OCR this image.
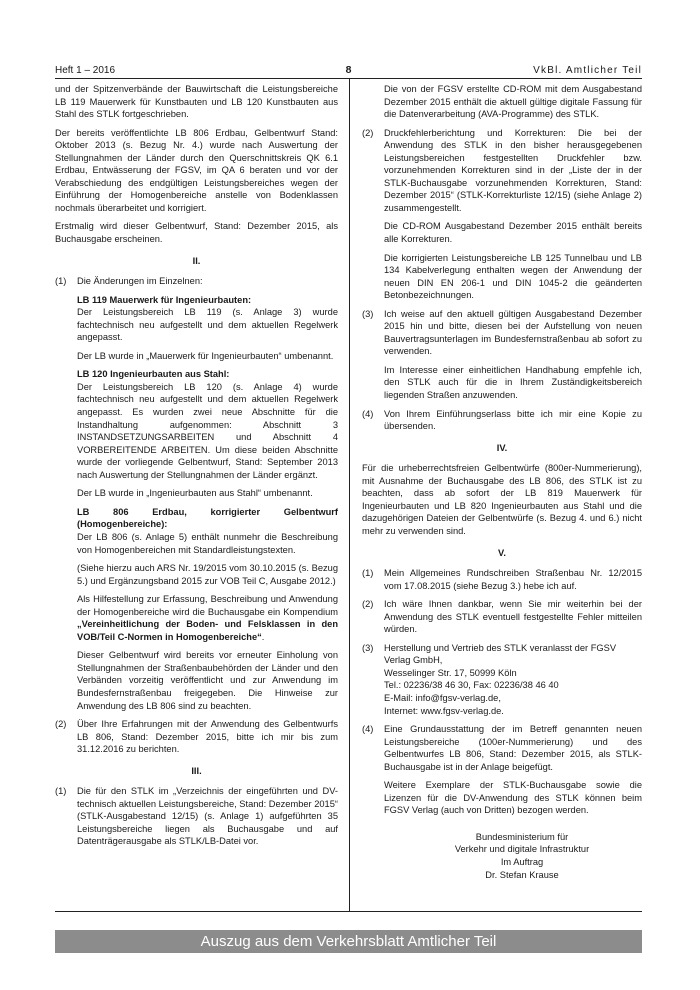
Heft 1 – 2016	8	VkBl. Amtlicher Teil

und der Spitzenverbände der Bauwirtschaft die Leistungsbereiche LB 119 Mauerwerk für Kunstbauten und LB 120 Kunstbauten aus Stahl des STLK fortgeschrieben.

Der bereits veröffentlichte LB 806 Erdbau, Gelbentwurf Stand: Oktober 2013 (s. Bezug Nr. 4.) wurde nach Auswertung der Stellungnahmen der Länder durch den Querschnittskreis QK 6.1 Erdbau, Entwässerung der FGSV, im QA 6 beraten und vor der Verabschiedung des endgültigen Leistungsbereiches wegen der Einführung der Homogenbereiche anstelle von Bodenklassen nochmals überarbeitet und korrigiert.

Erstmalig wird dieser Gelbentwurf, Stand: Dezember 2015, als Buchausgabe erscheinen.

II.
(1)	Die Änderungen im Einzelnen:
LB 119 Mauerwerk für Ingenieurbauten:

Der Leistungsbereich LB 119 (s. Anlage 3) wurde fachtechnisch neu aufgestellt und dem aktuellen Regelwerk angepasst.

Der LB wurde in „Mauerwerk für Ingenieurbauten“ umbenannt.

LB 120 Ingenieurbauten aus Stahl:

Der Leistungsbereich LB 120 (s. Anlage 4) wurde fachtechnisch neu aufgestellt und dem aktuellen Regelwerk angepasst. Es wurden zwei neue Abschnitte für die Instandhaltung aufgenommen: Abschnitt 3 INSTANDSETZUNGSARBEITEN und Abschnitt 4 VORBEREITENDE ARBEITEN. Um diese beiden Abschnitte wurde der vorliegende Gelbentwurf, Stand: September 2013 nach Auswertung der Stellungnahmen der Länder ergänzt.

Der LB wurde in „Ingenieurbauten aus Stahl“ umbenannt.

LB 806 Erdbau, korrigierter Gelbentwurf (Homogenbereiche):

Der LB 806 (s. Anlage 5) enthält nunmehr die Beschreibung von Homogenbereichen mit Standardleistungstexten.

(Siehe hierzu auch ARS Nr. 19/2015 vom 30.10.2015 (s. Bezug 5.) und Ergänzungsband 2015 zur VOB Teil C, Ausgabe 2012.)

Als Hilfestellung zur Erfassung, Beschreibung und Anwendung der Homogenbereiche wird die Buchausgabe ein Kompendium „Vereinheitlichung der Boden- und Felsklassen in den VOB/Teil C-Normen in Homogenbereiche“.

Dieser Gelbentwurf wird bereits vor erneuter Einholung von Stellungnahmen der Straßenbaubehörden der Länder und den Verbänden vorzeitig veröffentlicht und zur Anwendung im Bundesfernstraßenbau freigegeben. Die Hinweise zur Anwendung des LB 806 sind zu beachten.

(2)	Über Ihre Erfahrungen mit der Anwendung des Gelbentwurfs LB 806, Stand: Dezember 2015, bitte ich mir bis zum 31.12.2016 zu berichten.
III.
(1)	Die für den STLK im „Verzeichnis der eingeführten und DV-technisch aktuellen Leistungsbereiche, Stand: Dezember 2015“ (STLK-Ausgabestand 12/15) (s. Anlage 1) aufgeführten 35 Leistungsbereiche liegen als Buchausgabe und auf Datenträgerausgabe als STLK/LB-Datei vor.

Die von der FGSV erstellte CD-ROM mit dem Ausgabestand Dezember 2015 enthält die aktuell gültige digitale Fassung für die Datenverarbeitung (AVA-Programme) des STLK.

(2)	Druckfehlerberichtung und Korrekturen: Die bei der Anwendung des STLK in den bisher herausgegebenen Leistungsbereichen festgestellten Druckfehler bzw. vorzunehmenden Korrekturen sind in der „Liste der in der STLK-Buchausgabe vorzunehmenden Korrekturen, Stand: Dezember 2015“ (STLK-Korrekturliste 12/15) (siehe Anlage 2) zusammengestellt.

Die CD-ROM Ausgabestand Dezember 2015 enthält bereits alle Korrekturen.

Die korrigierten Leistungsbereiche LB 125 Tunnelbau und LB 134 Kabelverlegung enthalten wegen der Anwendung der neuen DIN EN 206-1 und DIN 1045-2 die geänderten Betonbezeichnungen.

(3)	Ich weise auf den aktuell gültigen Ausgabestand Dezember 2015 hin und bitte, diesen bei der Aufstellung von neuen Bauvertragsunterlagen im Bundesfernstraßenbau ab sofort zu verwenden.

Im Interesse einer einheitlichen Handhabung empfehle ich, den STLK auch für die in Ihrem Zuständigkeitsbereich liegenden Straßen anzuwenden.

(4)	Von Ihrem Einführungserlass bitte ich mir eine Kopie zu übersenden.
IV.

Für die urheberrechtsfreien Gelbentwürfe (800er-Nummerierung), mit Ausnahme der Buchausgabe des LB 806, des STLK ist zu beachten, dass ab sofort der LB 819 Mauerwerk für Ingenieurbauten und LB 820 Ingenieurbauten aus Stahl und die dazugehörigen Dateien der Gelbentwürfe (s. Bezug 4. und 6.) nicht mehr zu verwenden sind.

V.
(1)	Mein Allgemeines Rundschreiben Straßenbau Nr. 12/2015 vom 17.08.2015 (siehe Bezug 3.) hebe ich auf.
(2)	Ich wäre Ihnen dankbar, wenn Sie mir weiterhin bei der Anwendung des STLK eventuell festgestellte Fehler mitteilen würden.
(3)	Herstellung und Vertrieb des STLK veranlasst der FGSV Verlag GmbH,
Wesselinger Str. 17, 50999 Köln
Tel.: 02236/38 46 30, Fax: 02236/38 46 40
E-Mail: info@fgsv-verlag.de,
Internet: www.fgsv-verlag.de.
(4)	Eine Grundausstattung der im Betreff genannten neuen Leistungsbereiche (100er-Nummerierung) und des Gelbentwurfes LB 806, Stand: Dezember 2015, als STLK-Buchausgabe ist in der Anlage beigefügt.

Weitere Exemplare der STLK-Buchausgabe sowie die Lizenzen für die DV-Anwendung des STLK können beim FGSV Verlag (auch von Dritten) bezogen werden.

Bundesministerium für
Verkehr und digitale Infrastruktur
Im Auftrag
Dr. Stefan Krause
Auszug aus dem Verkehrsblatt Amtlicher Teil
